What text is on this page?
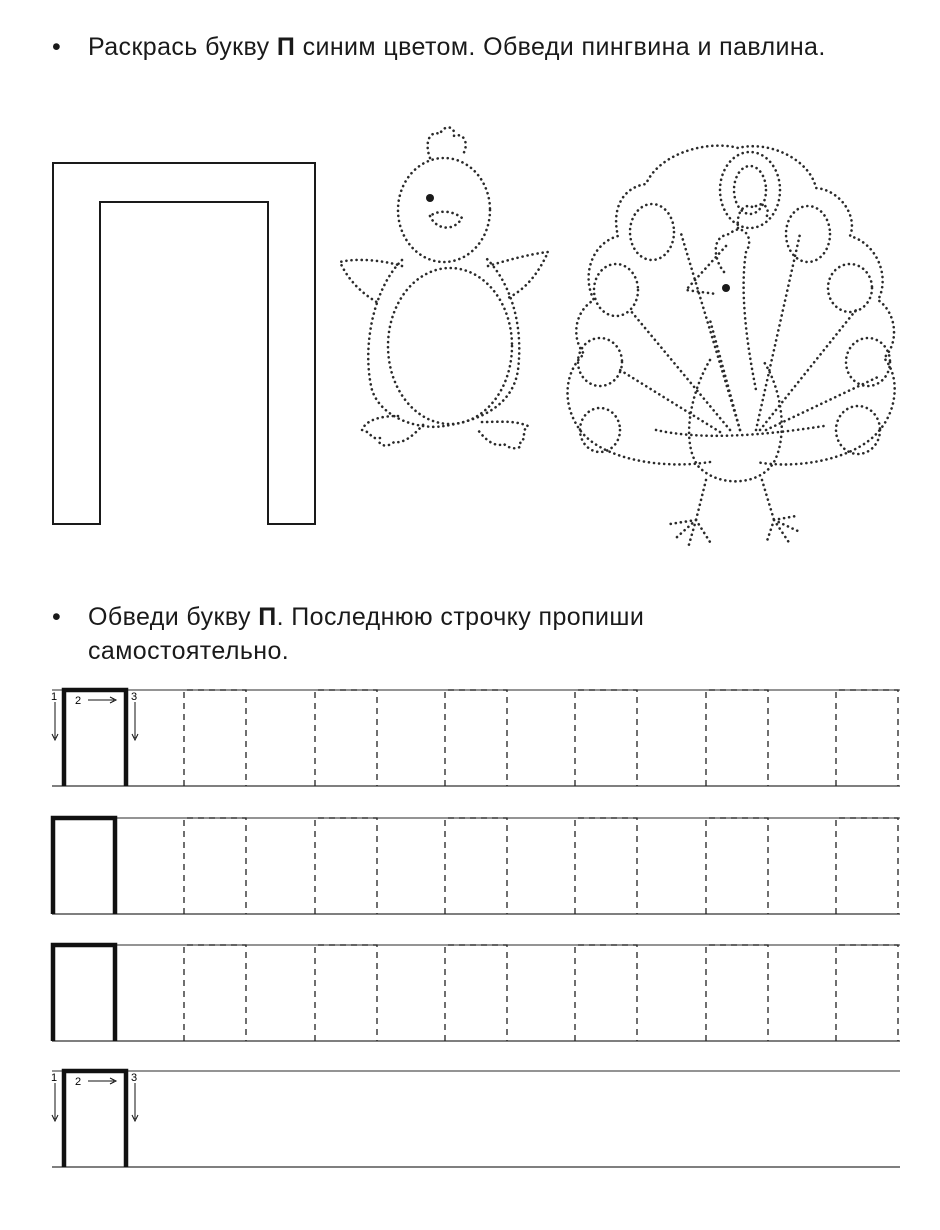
•	Раскрась букву П синим цветом. Обведи пингвина и павлина.
•	Обведи букву П. Последнюю строчку пропиши самостоятельно.
1 2	3
1 2	3
